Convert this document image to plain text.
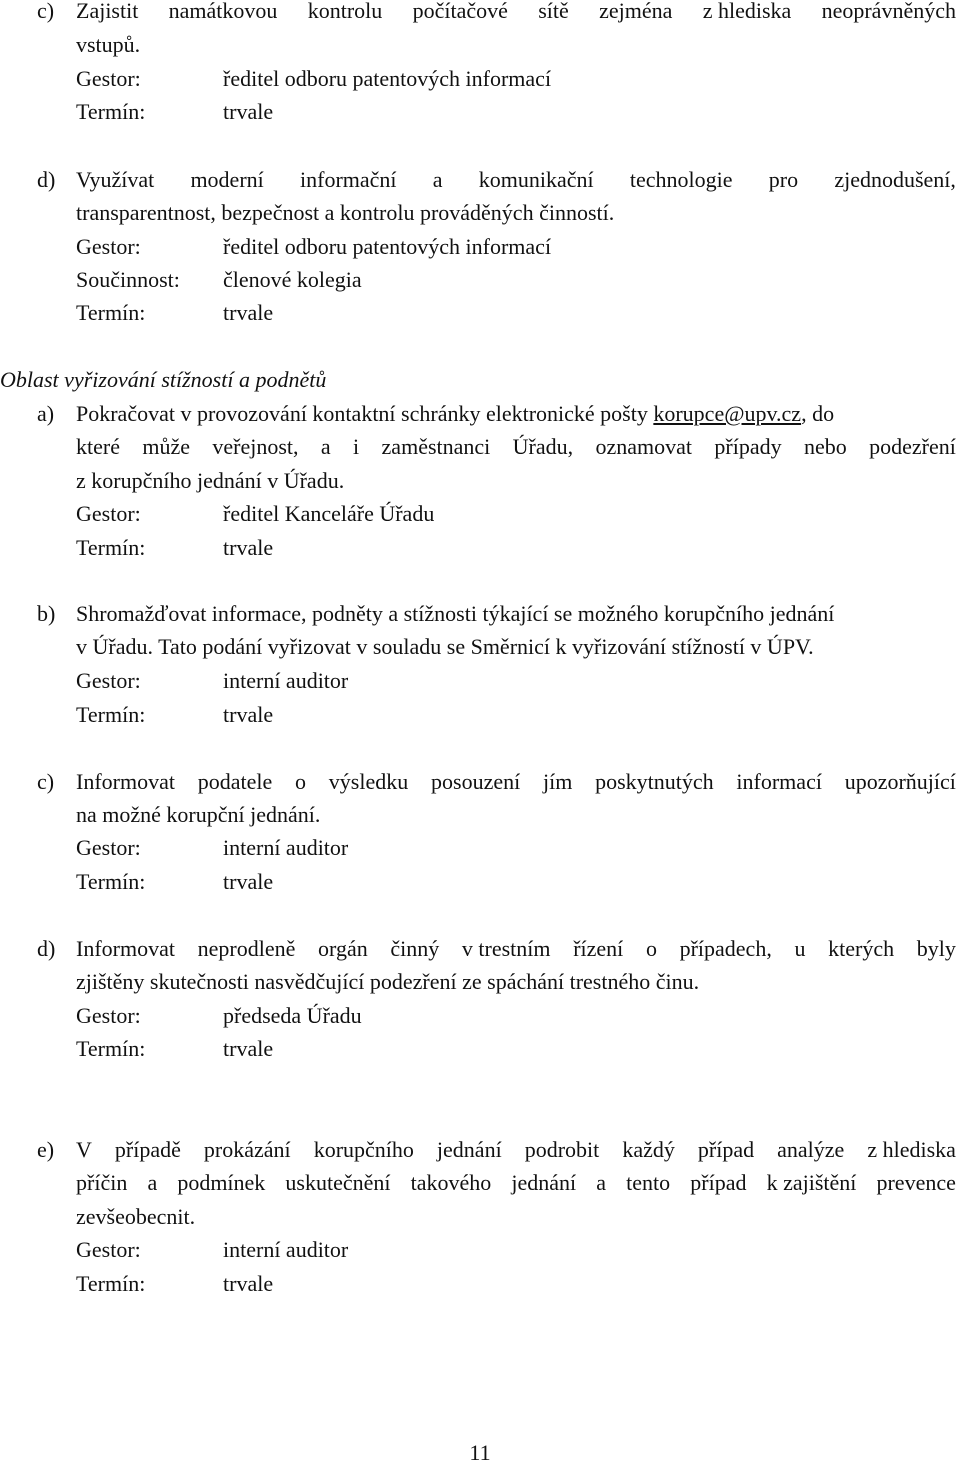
c) Zajistit namátkovou kontrolu počítačové sítě zejména z hlediska neoprávněných
vstupů.
Gestor:	ředitel odboru patentových informací
Termín:	trvale
d) Využívat moderní informační a komunikační technologie pro zjednodušení,
transparentnost, bezpečnost a kontrolu prováděných činností.
Gestor:	ředitel odboru patentových informací
Součinnost: členové kolegia
Termín:	trvale
Oblast vyřizování stížností a podnětů
a) Pokračovat v provozování kontaktní schránky elektronické pošty korupce@upv.cz, do
které může veřejnost, a i zaměstnanci Úřadu, oznamovat případy nebo podezření
z korupčního jednání v Úřadu.
Gestor:	ředitel Kanceláře Úřadu
Termín:	trvale
b) Shromažďovat informace, podněty a stížnosti týkající se možného korupčního jednání
v Úřadu. Tato podání vyřizovat v souladu se Směrnicí k vyřizování stížností v ÚPV.
Gestor:	interní auditor
Termín:	trvale
c) Informovat podatele o výsledku posouzení jím poskytnutých informací upozorňující
na možné korupční jednání.
Gestor:	interní auditor
Termín:	trvale
d) Informovat neprodleně orgán činný v trestním řízení o případech, u kterých byly
zjištěny skutečnosti nasvědčující podezření ze spáchání trestného činu.
Gestor:	předseda Úřadu
Termín:	trvale
e) V případě prokázání korupčního jednání podrobit každý případ analýze z hlediska
příčin a podmínek uskutečnění takového jednání a tento případ k zajištění prevence
zevšeobecnit.
Gestor:	interní auditor
Termín:	trvale
11
